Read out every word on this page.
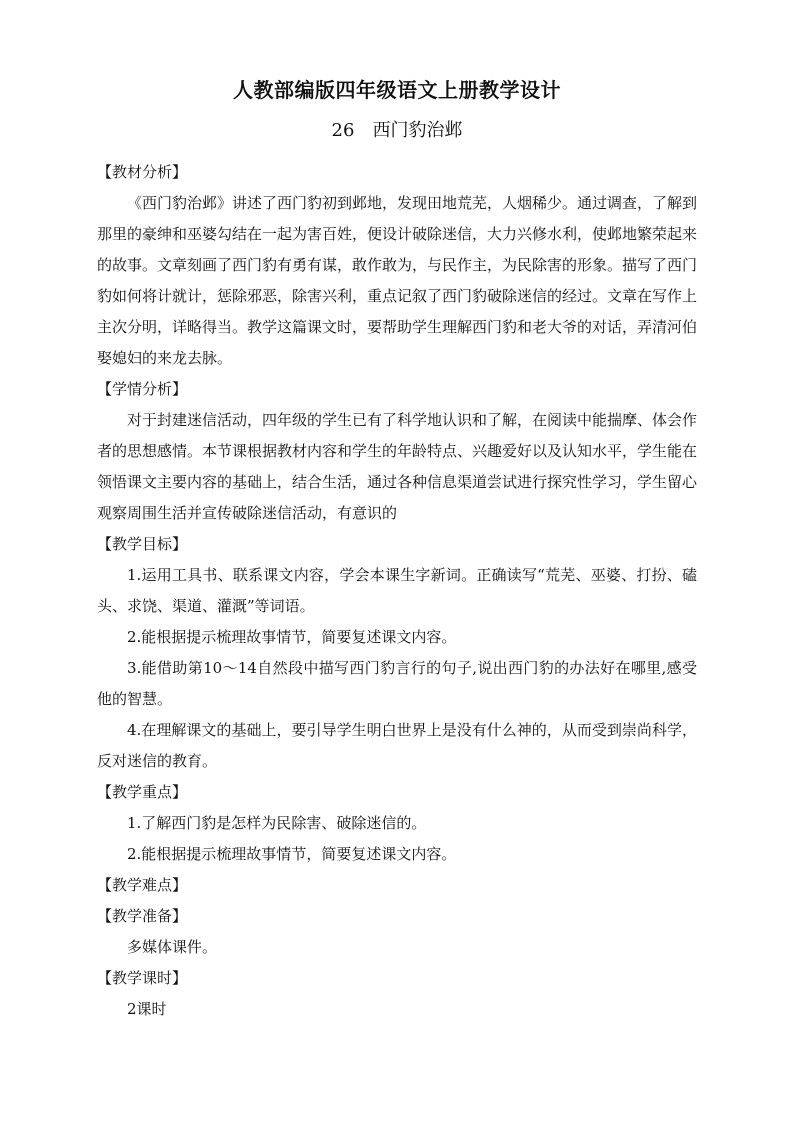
人教部编版四年级语文上册教学设计
26　西门豹治邺

【教材分析】

《西门豹治邺》讲述了西门豹初到邺地，发现田地荒芜，人烟稀少。通过调查，了解到那里的豪绅和巫婆勾结在一起为害百姓，便设计破除迷信，大力兴修水利，使邺地繁荣起来的故事。文章刻画了西门豹有勇有谋，敢作敢为，与民作主，为民除害的形象。描写了西门豹如何将计就计，惩除邪恶，除害兴利，重点记叙了西门豹破除迷信的经过。文章在写作上主次分明，详略得当。教学这篇课文时，要帮助学生理解西门豹和老大爷的对话，弄清河伯娶媳妇的来龙去脉。

【学情分析】

对于封建迷信活动，四年级的学生已有了科学地认识和了解，在阅读中能揣摩、体会作者的思想感情。本节课根据教材内容和学生的年龄特点、兴趣爱好以及认知水平，学生能在领悟课文主要内容的基础上，结合生活，通过各种信息渠道尝试进行探究性学习，学生留心观察周围生活并宣传破除迷信活动，有意识的

【教学目标】

1.运用工具书、联系课文内容，学会本课生字新词。正确读写“荒芜、巫婆、打扮、磕头、求饶、渠道、灌溉”等词语。

2.能根据提示梳理故事情节，简要复述课文内容。

3.能借助第10～14自然段中描写西门豹言行的句子,说出西门豹的办法好在哪里,感受他的智慧。

4.在理解课文的基础上，要引导学生明白世界上是没有什么神的，从而受到崇尚科学，反对迷信的教育。

【教学重点】

1.了解西门豹是怎样为民除害、破除迷信的。

2.能根据提示梳理故事情节，简要复述课文内容。

【教学难点】

【教学准备】

多媒体课件。

【教学课时】

2课时
